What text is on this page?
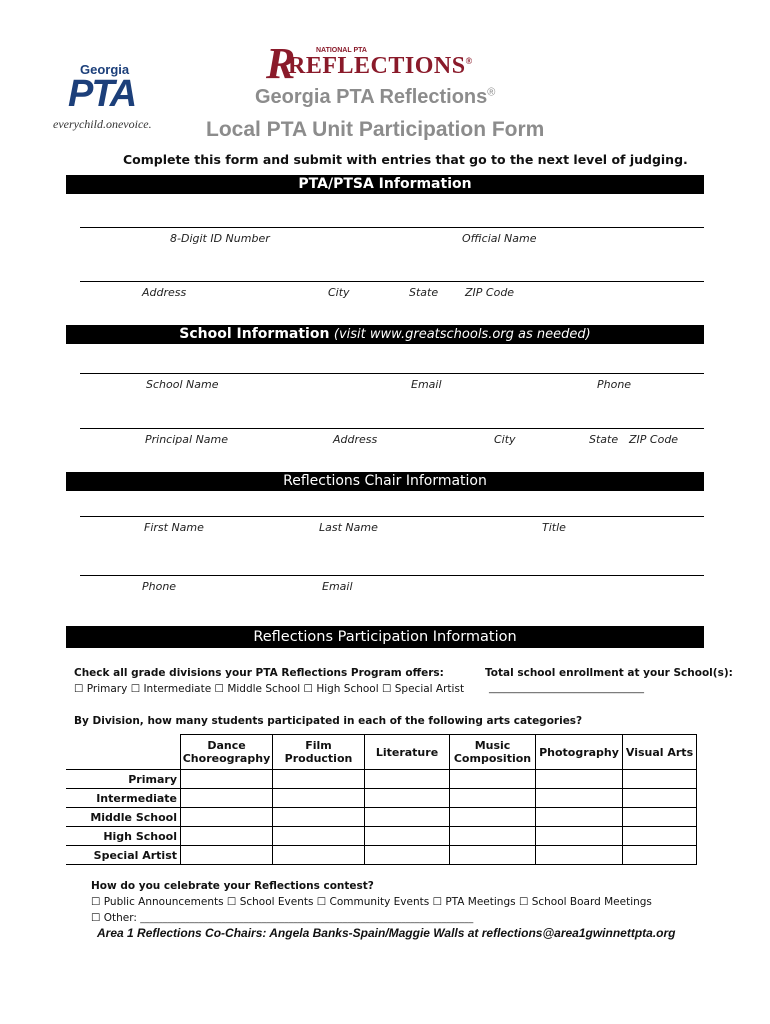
Georgia
PTA
everychild.onevoice.
R	NATIONAL PTA
REFLECTIONS®
Georgia PTA Reflections®
Local PTA Unit Participation Form
Complete this form and submit with entries that go to the next level of judging.
PTA/PTSA Information
8-Digit ID Number	Official Name
Address	City	State ZIP Code
School Information (visit www.greatschools.org as needed)
School Name	Email	Phone
Principal Name	Address	City	State ZIP Code
Reflections Chair Information
First Name	Last Name	Title
Phone	Email
Reflections Participation Information
Check all grade divisions your PTA Reflections Program offers:	Total school enrollment at your School(s):
☐ Primary ☐ Intermediate ☐ Middle School ☐ High School ☐ Special Artist _______________________________
By Division, how many students participated in each of the following arts categories?
	Dance Choreography	Film Production	Literature	Music Composition	Photography	Visual Arts
Primary						
Intermediate						
Middle School						
High School						
Special Artist						
How do you celebrate your Reflections contest?
☐ Public Announcements ☐ School Events ☐ Community Events ☐ PTA Meetings ☐ School Board Meetings
☐ Other: __________________________________________________________________________
Area 1 Reflections Co-Chairs: Angela Banks-Spain/Maggie Walls at reflections@area1gwinnettpta.org
